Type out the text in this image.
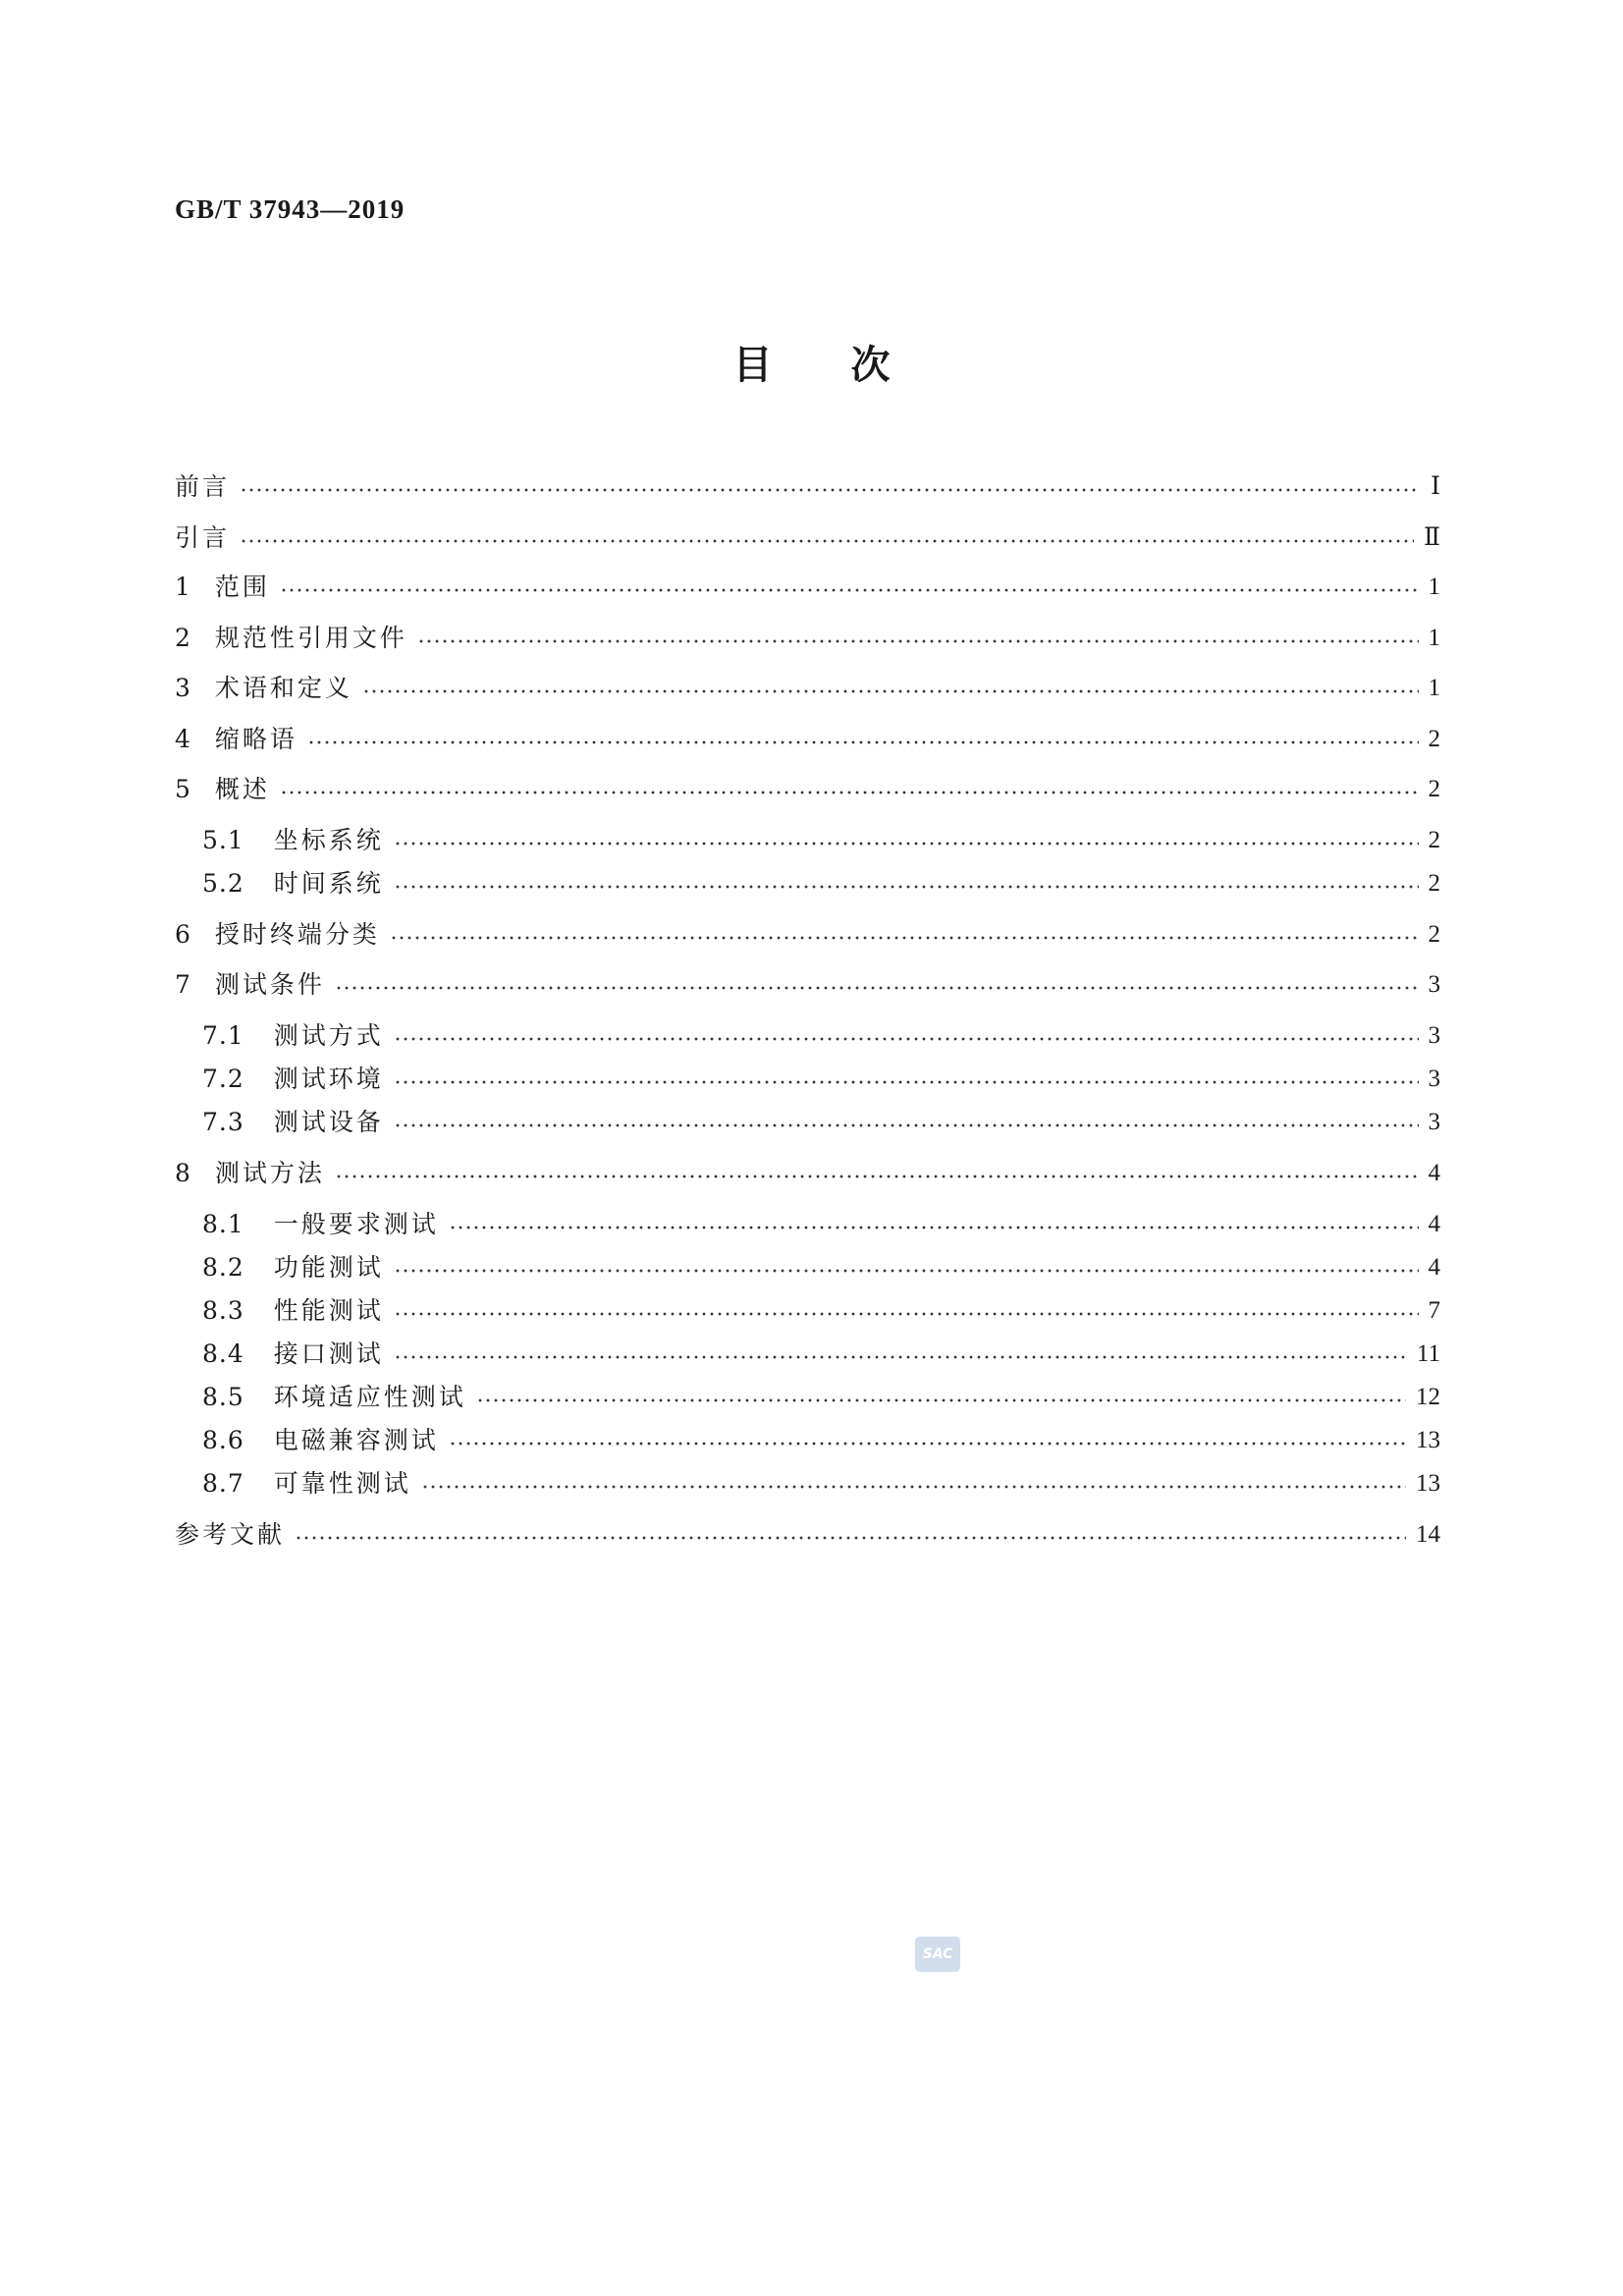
GB/T 37943—2019
目 次
前言	Ⅰ
引言	Ⅱ
1 范围	1
2 规范性引用文件	1
3 术语和定义	1
4 缩略语	2
5 概述	2
5.1 坐标系统	2
5.2 时间系统	2
6 授时终端分类	2
7 测试条件	3
7.1 测试方式	3
7.2 测试环境	3
7.3 测试设备	3
8 测试方法	4
8.1 一般要求测试	4
8.2 功能测试	4
8.3 性能测试	7
8.4 接口测试	11
8.5 环境适应性测试	12
8.6 电磁兼容测试	13
8.7 可靠性测试	13
参考文献	14
SAC
